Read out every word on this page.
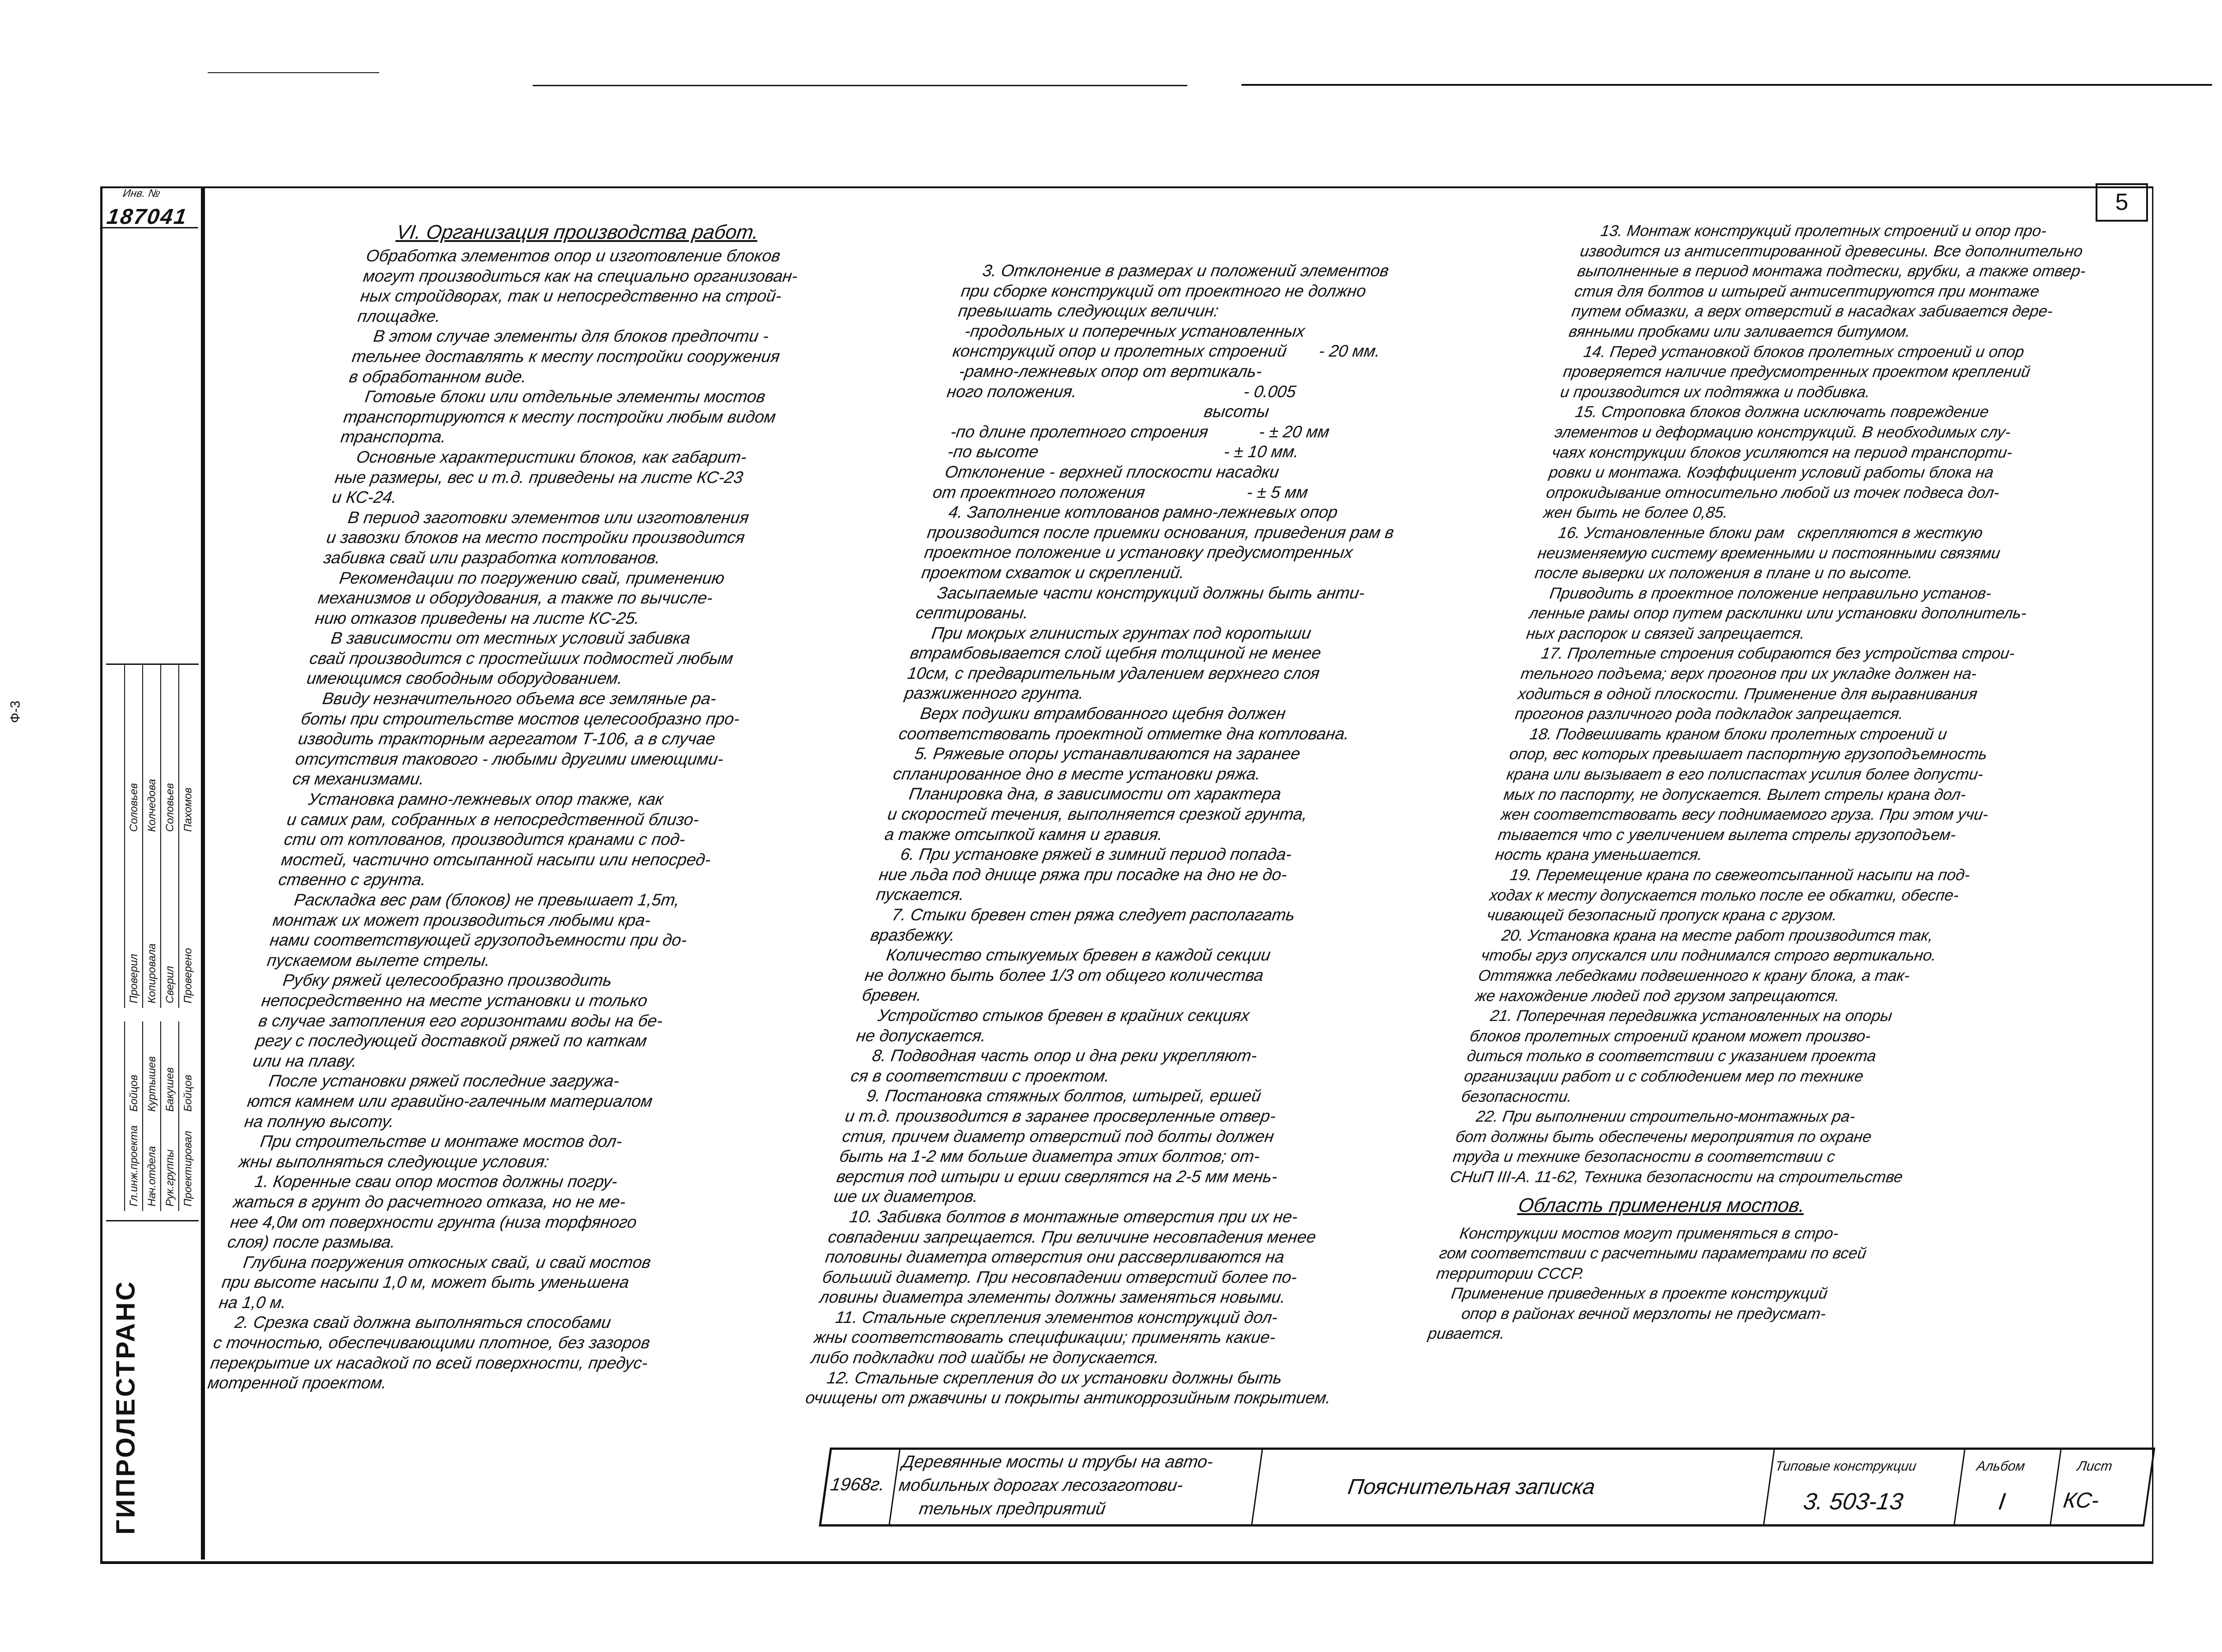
Ф-3
Инв. №
187041
Проверил
Соловьев
Копировала
Колчедова
Сверил
Соловьев
Проверено
Пахомов
Гл.инж.проекта
Бойцов
Нач.отдела
Куртышев
Рук.группы
Бакушев
Проектировал
Бойцов
ГИПРОЛЕСТРАНС
5
VI. Организация производства работ.
Обработка элементов опор и изготовление блоков
могут производиться как на специально организован-
ных стройдворах, так и непосредственно на строй-
площадке.
В этом случае элементы для блоков предпочти -
тельнее доставлять к месту постройки сооружения
в обработанном виде.
Готовые блоки или отдельные элементы мостов
транспортируются к месту постройки любым видом
транспорта.
Основные характеристики блоков, как габарит-
ные размеры, вес и т.д. приведены на листе КС-23
и КС-24.
В период заготовки элементов или изготовления
и завозки блоков на место постройки производится
забивка свай или разработка котлованов.
Рекомендации по погружению свай, применению
механизмов и оборудования, а также по вычисле-
нию отказов приведены на листе КС-25.
В зависимости от местных условий забивка
свай производится с простейших подмостей любым
имеющимся свободным оборудованием.
Ввиду незначительного объема все земляные ра-
боты при строительстве мостов целесообразно про-
изводить тракторным агрегатом Т-106, а в случае
отсутствия такового - любыми другими имеющими-
ся механизмами.
Установка рамно-лежневых опор также, как
и самих рам, собранных в непосредственной близо-
сти от котлованов, производится кранами с под-
мостей, частично отсыпанной насыпи или непосред-
ственно с грунта.
Раскладка вес рам (блоков) не превышает 1,5т,
монтаж их может производиться любыми кра-
нами соответствующей грузоподъемности при до-
пускаемом вылете стрелы.
Рубку ряжей целесообразно производить
непосредственно на месте установки и только
в случае затопления его горизонтами воды на бе-
регу с последующей доставкой ряжей по каткам
или на плаву.
После установки ряжей последние загружа-
ются камнем или гравийно-галечным материалом
на полную высоту.
При строительстве и монтаже мостов дол-
жны выполняться следующие условия:
1. Коренные сваи опор мостов должны погру-
жаться в грунт до расчетного отказа, но не ме-
нее 4,0м от поверхности грунта (низа торфяного
слоя) после размыва.
Глубина погружения откосных свай, и свай мостов
при высоте насыпи 1,0 м, может быть уменьшена
на 1,0 м.
2. Срезка свай должна выполняться способами
с точностью, обеспечивающими плотное, без зазоров
перекрытие их насадкой по всей поверхности, предус-
мотренной проектом.
3. Отклонение в размерах и положений элементов
при сборке конструкций от проектного не должно
превышать следующих величин:
-продольных и поперечных установленных
конструкций опор и пролетных строений       - 20 мм.
-рамно-лежневых опор от вертикаль-
ного положения.                                    - 0.005
высоты
-по длине пролетного строения           - ± 20 мм
-по высоте                                        - ± 10 мм.
Отклонение - верхней плоскости насадки
от проектного положения                      - ± 5 мм
4. Заполнение котлованов рамно-лежневых опор
производится после приемки основания, приведения рам в
проектное положение и установку предусмотренных
проектом схваток и скреплений.
Засыпаемые части конструкций должны быть анти-
септированы.
При мокрых глинистых грунтах под коротыши
втрамбовывается слой щебня толщиной не менее
10см, с предварительным удалением верхнего слоя
разжиженного грунта.
Верх подушки втрамбованного щебня должен
соответствовать проектной отметке дна котлована.
5. Ряжевые опоры устанавливаются на заранее
спланированное дно в месте установки ряжа.
Планировка дна, в зависимости от характера
и скоростей течения, выполняется срезкой грунта,
а также отсыпкой камня и гравия.
6. При установке ряжей в зимний период попада-
ние льда под днище ряжа при посадке на дно не до-
пускается.
7. Стыки бревен стен ряжа следует располагать
вразбежку.
Количество стыкуемых бревен в каждой секции
не должно быть более 1/3 от общего количества
бревен.
Устройство стыков бревен в крайних секциях
не допускается.
8. Подводная часть опор и дна реки укрепляют-
ся в соответствии с проектом.
9. Постановка стяжных болтов, штырей, ершей
и т.д. производится в заранее просверленные отвер-
стия, причем диаметр отверстий под болты должен
быть на 1-2 мм больше диаметра этих болтов; от-
верстия под штыри и ерши сверлятся на 2-5 мм мень-
ше их диаметров.
10. Забивка болтов в монтажные отверстия при их не-
совпадении запрещается. При величине несовпадения менее
половины диаметра отверстия они рассверливаются на
больший диаметр. При несовпадении отверстий более по-
ловины диаметра элементы должны заменяться новыми.
11. Стальные скрепления элементов конструкций дол-
жны соответствовать спецификации; применять какие-
либо подкладки под шайбы не допускается.
12. Стальные скрепления до их установки должны быть
очищены от ржавчины и покрыты антикоррозийным покрытием.
13. Монтаж конструкций пролетных строений и опор про-
изводится из антисептированной древесины. Все дополнительно
выполненные в период монтажа подтески, врубки, а также отвер-
стия для болтов и штырей антисептируются при монтаже
путем обмазки, а верх отверстий в насадках забивается дере-
вянными пробками или заливается битумом.
14. Перед установкой блоков пролетных строений и опор
проверяется наличие предусмотренных проектом креплений
и производится их подтяжка и подбивка.
15. Строповка блоков должна исключать повреждение
элементов и деформацию конструкций. В необходимых слу-
чаях конструкции блоков усиляются на период транспорти-
ровки и монтажа. Коэффициент условий работы блока на
опрокидывание относительно любой из точек подвеса дол-
жен быть не более 0,85.
16. Установленные блоки рам   скрепляются в жесткую
неизменяемую систему временными и постоянными связями
после выверки их положения в плане и по высоте.
Приводить в проектное положение неправильно установ-
ленные рамы опор путем расклинки или установки дополнитель-
ных распорок и связей запрещается.
17. Пролетные строения собираются без устройства строи-
тельного подъема; верх прогонов при их укладке должен на-
ходиться в одной плоскости. Применение для выравнивания
прогонов различного рода подкладок запрещается.
18. Подвешивать краном блоки пролетных строений и
опор, вес которых превышает паспортную грузоподъемность
крана или вызывает в его полиспастах усилия более допусти-
мых по паспорту, не допускается. Вылет стрелы крана дол-
жен соответствовать весу поднимаемого груза. При этом учи-
тывается что с увеличением вылета стрелы грузоподъем-
ность крана уменьшается.
19. Перемещение крана по свежеотсыпанной насыпи на под-
ходах к месту допускается только после ее обкатки, обеспе-
чивающей безопасный пропуск крана с грузом.
20. Установка крана на месте работ производится так,
чтобы груз опускался или поднимался строго вертикально.
Оттяжка лебедками подвешенного к крану блока, а так-
же нахождение людей под грузом запрещаются.
21. Поперечная передвижка установленных на опоры
блоков пролетных строений краном может произво-
диться только в соответствии с указанием проекта
организации работ и с соблюдением мер по технике
безопасности.
22. При выполнении строительно-монтажных ра-
бот должны быть обеспечены мероприятия по охране
труда и технике безопасности в соответствии с
СНиП III-А. 11-62, Техника безопасности на строительстве
Область применения мостов.
Конструкции мостов могут применяться в стро-
гом соответствии с расчетными параметрами по всей
территории СССР.
Применение приведенных в проекте конструкций
опор в районах вечной мерзлоты не предусмат-
ривается.
1968г.
Деревянные мосты и трубы на авто-
мобильных дорогах лесозаготови-
тельных предприятий
Пояснительная записка
Типовые конструкции
3. 503-13
Альбом
I
Лист
КС-
